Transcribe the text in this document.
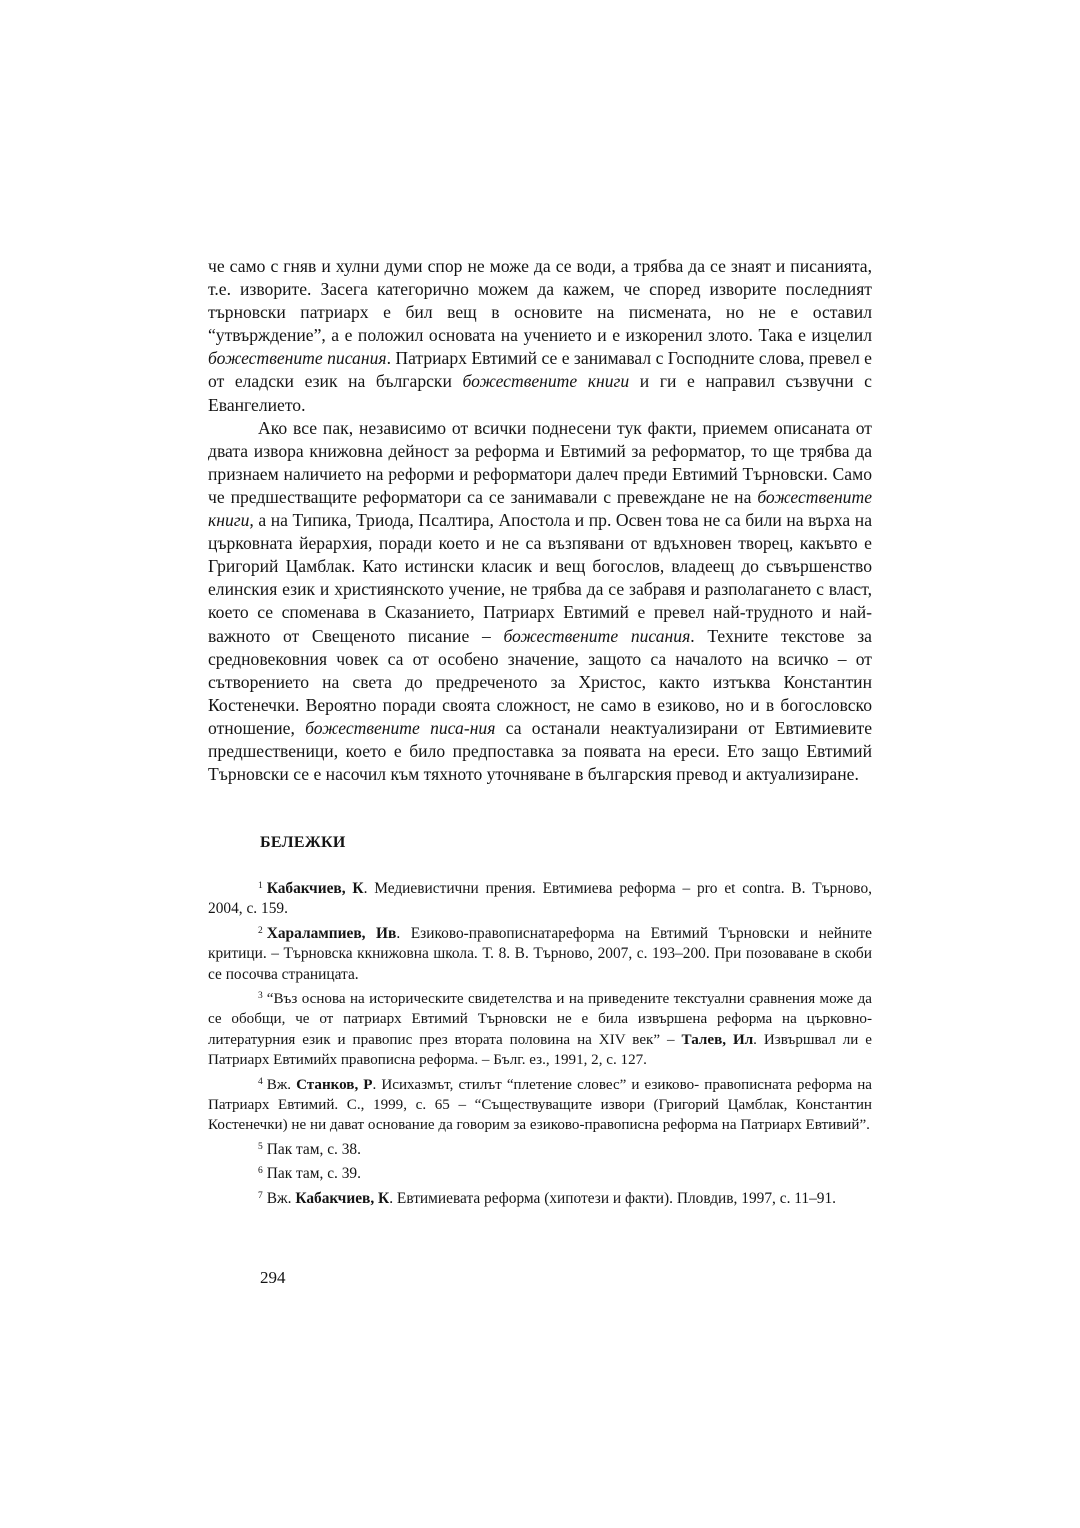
че само с гняв и хулни думи спор не може да се води, а трябва да се знаят и писанията, т.е. изворите. Засега категорично можем да кажем, че според изворите последният търновски патриарх е бил вещ в основите на писмената, но не е оставил “утвърждение”, а е положил основата на учението и е изкоренил злото. Така е изцелил божествените писания. Патриарх Евтимий се е занимавал с Господните слова, превел е от еладски език на български божествените книги и ги е направил съзвучни с Евангелието.

Ако все пак, независимо от всички поднесени тук факти, приемем описаната от двата извора книжовна дейност за реформа и Евтимий за реформатор, то ще трябва да признаем наличието на реформи и реформатори далеч преди Евтимий Търновски. Само че предшестващите реформатори са се занимавали с превеждане не на божествените книги, а на Типика, Триода, Псалтира, Апостола и пр. Освен това не са били на върха на църковната йерархия, поради което и не са възпявани от вдъхновен творец, какъвто е Григорий Цамблак. Като истински класик и вещ богослов, владеещ до съвършенство елинския език и християнското учение, не трябва да се забравя и разполагането с власт, което се споменава в Сказанието, Патриарх Евтимий е превел най-трудното и най-важното от Свещеното писание – божествените писания. Техните текстове за средновековния човек са от особено значение, защото са началото на всичко – от сътворението на света до предреченото за Христос, както изтъква Константин Костенечки. Вероятно поради своята сложност, не само в езиково, но и в богословско отношение, божествените писа-ния са останали неактуализирани от Евтимиевите предшественици, което е било предпоставка за появата на ереси. Ето защо Евтимий Търновски се е насочил към тяхното уточняване в българския превод и актуализиране.

БЕЛЕЖКИ

$^1$ Кабакчиев, К. Медиевистични прения. Евтимиева реформа – pro et contra. В. Търново, 2004, с. 159.

$^2$ Харалампиев, Ив. Езиково-правописнатареформа на Евтимий Търновски и нейните критици. – Търновска ккнижовна школа. Т. 8. В. Търново, 2007, с. 193–200. При позоваване в скоби се посочва страницата.

$^3$ “Въз основа на историческите свидетелства и на приведените текстуални сравнения може да се обобщи, че от патриарх Евтимий Търновски не е била извършена реформа на църковно-литературния език и правопис през втората половина на XIV век” – Талев, Ил. Извършвал ли е Патриарх Евтимийх правописна реформа. – Бълг. ез., 1991, 2, с. 127.

$^4$ Вж. Станков, Р. Исихазмът, стилът “плетение словес” и езиково- правописната реформа на Патриарх Евтимий. С., 1999, с. 65 – “Съществуващите извори (Григорий Цамблак, Константин Костенечки) не ни дават основание да говорим за езиково-правописна реформа на Патриарх Евтивий”.

$^5$ Пак там, с. 38.

$^6$ Пак там, с. 39.

$^7$ Вж. Кабакчиев, К. Евтимиевата реформа (хипотези и факти). Пловдив, 1997, с. 11–91.

294
